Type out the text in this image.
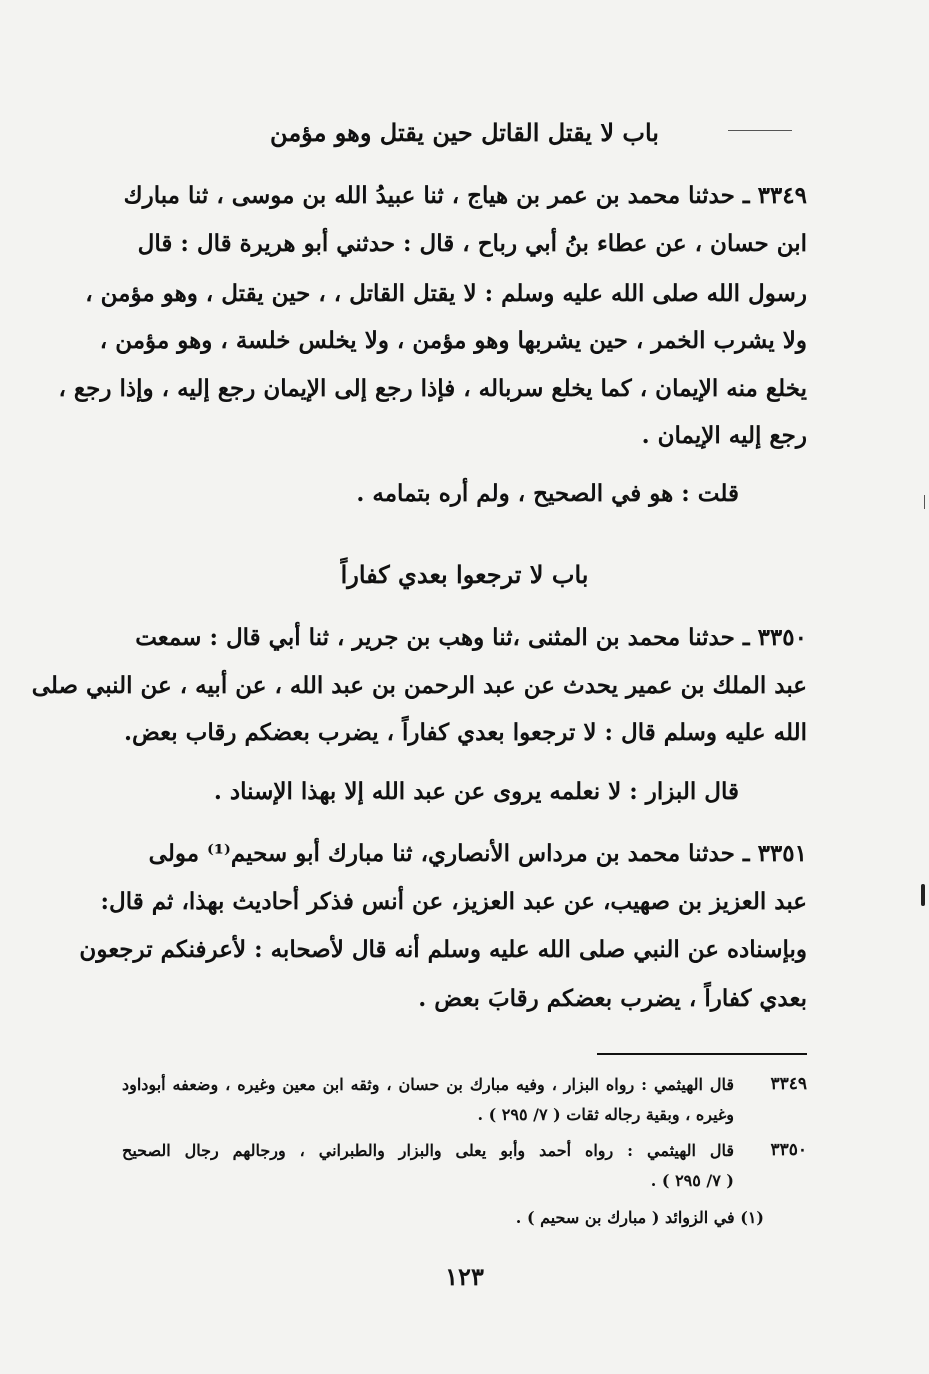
باب لا يقتل القاتل حين يقتل وهو مؤمن
٣٣٤٩ ـ حدثنا محمد بن عمر بن هياج ، ثنا عبيدُ الله بن موسى ، ثنا مبارك
ابن حسان ، عن عطاء بنُ أبي رباح ، قال : حدثني أبو هريرة قال : قال
رسول الله صلى الله عليه وسلم : لا يقتل القاتل ، ، حين يقتل ، وهو مؤمن ،
ولا يشرب الخمر ، حين يشربها وهو مؤمن ، ولا يخلس خلسة ، وهو مؤمن ،
يخلع منه الإيمان ، كما يخلع سرباله ، فإذا رجع إلى الإيمان رجع إليه ، وإذا رجع ،
رجع إليه الإيمان .
قلت : هو في الصحيح ، ولم أره بتمامه .
باب لا ترجعوا بعدي كفاراً
٣٣٥٠ ـ حدثنا محمد بن المثنى ،ثنا وهب بن جرير ، ثنا أبي قال : سمعت
عبد الملك بن عمير يحدث عن عبد الرحمن بن عبد الله ، عن أبيه ، عن النبي صلى
الله عليه وسلم قال : لا ترجعوا بعدي كفاراً ، يضرب بعضكم رقاب بعض.
قال البزار : لا نعلمه يروى عن عبد الله إلا بهذا الإسناد .
٣٣٥١ ـ حدثنا محمد بن مرداس الأنصاري، ثنا مبارك أبو سحيم⁽¹⁾ مولى
عبد العزيز بن صهيب، عن عبد العزيز، عن أنس فذكر أحاديث بهذا، ثم قال:
وبإسناده عن النبي صلى الله عليه وسلم أنه قال لأصحابه : لأعرفنكم ترجعون
بعدي كفاراً ، يضرب بعضكم رقابَ بعض .
٣٣٤٩
قال الهيثمي : رواه البزار ، وفيه مبارك بن حسان ، وثقه ابن معين وغيره ، وضعفه أبوداود
وغيره ، وبقية رجاله ثقات ( ٧/ ٢٩٥ ) .
٣٣٥٠
قال الهيثمي : رواه أحمد وأبو يعلى والبزار والطبراني ، ورجالهم رجال الصحيح
( ٧/ ٢٩٥ ) .
(١) في الزوائد ( مبارك بن سحيم ) .
١٢٣
